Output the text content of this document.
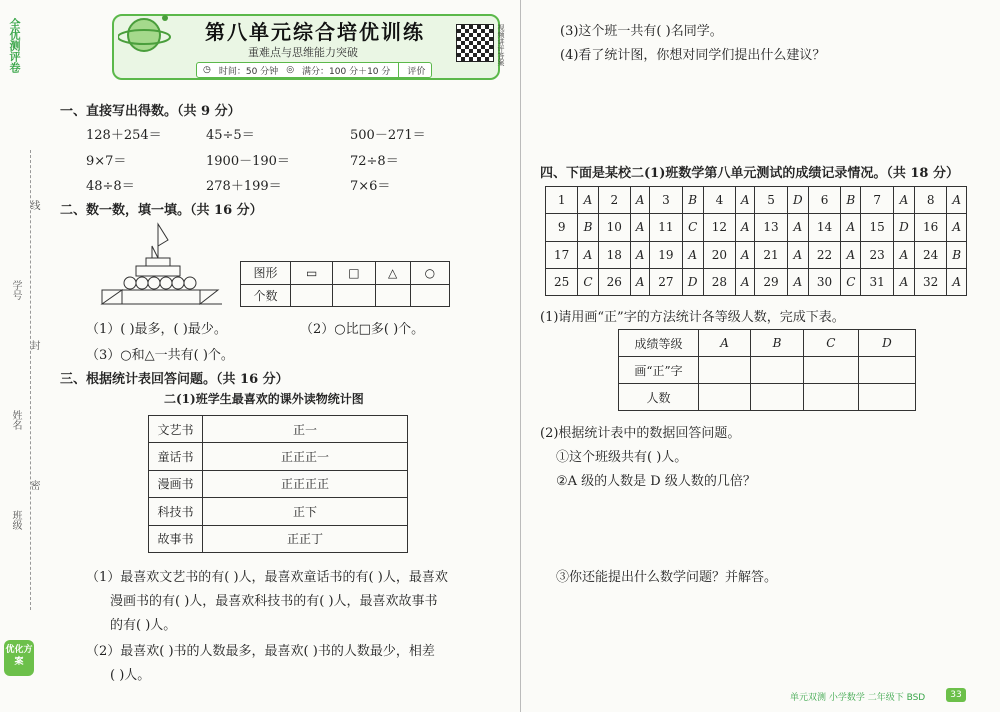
全优测评卷
学号
姓名
班级
线
封
密
优化方案
第八单元综合培优训练
重难点与思维能力突破
◷ 时间：50 分钟 ◎ 满分：100 分＋10 分 评价
视频讲评答案
一、直接写出得数。（共 9 分）
128＋254＝	45÷5＝	500－271＝
9×7＝	1900－190＝	72÷8＝
48÷8＝	278＋199＝	7×6＝
二、数一数，填一填。（共 16 分）
图形	▭	□	△	○
个数				
（1）( )最多，( )最少。	（2）○比□多( )个。
（3）○和△一共有( )个。
三、根据统计表回答问题。（共 16 分）
二(1)班学生最喜欢的课外读物统计图
文艺书	正一
童话书	正正正一
漫画书	正正正正
科技书	正下
故事书	正正丁
（1）最喜欢文艺书的有( )人，最喜欢童话书的有( )人，最喜欢
漫画书的有( )人，最喜欢科技书的有( )人，最喜欢故事书
的有( )人。
（2）最喜欢( )书的人数最多，最喜欢( )书的人数最少，相差
( )人。
(3)这个班一共有( )名同学。
(4)看了统计图，你想对同学们提出什么建议？
四、下面是某校二(1)班数学第八单元测试的成绩记录情况。（共 18 分）
1	A	2	A	3	B	4	A	5	D	6	B	7	A	8	A
9	B	10	A	11	C	12	A	13	A	14	A	15	D	16	A
17	A	18	A	19	A	20	A	21	A	22	A	23	A	24	B
25	C	26	A	27	D	28	A	29	A	30	C	31	A	32	A
(1)请用画“正”字的方法统计各等级人数，完成下表。
成绩等级	A	B	C	D
画“正”字				
人数				
(2)根据统计表中的数据回答问题。
①这个班级共有( )人。
②A 级的人数是 D 级人数的几倍？
③你还能提出什么数学问题？并解答。
单元双测 小学数学 二年级下 BSD	33
